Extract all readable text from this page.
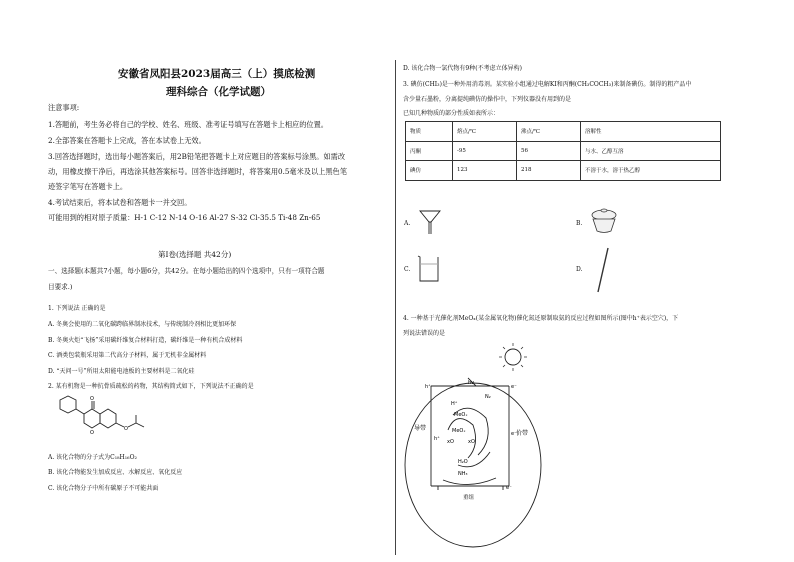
安徽省凤阳县2023届高三（上）摸底检测
理科综合（化学试题）
注意事项:
1.答题前，考生务必将自己的学校、姓名、班级、准考证号填写在答题卡上相应的位置。
2.全部答案在答题卡上完成，答在本试卷上无效。
3.回答选择题时，选出每小题答案后，用2B铅笔把答题卡上对应题目的答案标号涂黑。如需改
动，用橡皮擦干净后，再选涂其他答案标号。回答非选择题时，将答案用0.5毫米及以上黑色笔
迹签字笔写在答题卡上。
4.考试结束后，将本试卷和答题卡一并交回。
可能用到的相对原子质量：H-1 C-12 N-14 O-16 Al-27 S-32 Cl-35.5 Ti-48 Zn-65
第Ⅰ卷(选择题 共42分)
一、选择题(本题共7小题，每小题6分，共42分。在每小题给出的四个选项中，只有一项符合题
目要求.)
1. 下列说法 正确的是
A. 冬奥会使用的二氧化碳跨临界制冰技术，与传统制冷剂相比更加环保
B. 冬奥火炬“飞扬”采用碳纤维复合材料打造，碳纤维是一种有机合成材料
C. 酒类包装瓶采用第二代高分子材料，属于无机非金属材料
D. “天问一号”所用太阳能电池板的主要材料是二氧化硅
2. 某有机物是一种抗骨质疏松的药物，其结构简式如下，下列说法不正确的是
O
O
O
A. 该化合物的分子式为C₁₈H₁₆O₂
B. 该化合物能发生加成反应、水解反应、氧化反应
C. 该化合物分子中所有碳原子不可能共面
D. 该化合物一氯代物有9种(不考虑立体异构)
3. 碘仿(CHI₃)是一种外用消毒剂。某实验小组通过电解KI和丙酮(CH₃COCH₃)来制备碘仿。制得的粗产品中
含少量石墨粉，分离提纯碘仿的操作中，下列仪器没有用到的是
已知几种物质的部分性质如表所示：
物质	熔点/℃	沸点/℃	溶解性
丙酮	-95	56	与水、乙醇互溶
碘仿	123	218	不溶于水，溶于热乙醇
A.	B.
C.	D.
4. 一种基于光催化剂MeOₓ(某金属氧化物)催化氮还原制取氨的反应过程如图所示(图中h⁺表示空穴)，下
列说法错误的是
hv
N₂
H⁺
MeOₓ
MeOₓ
xO	xO
H₂O
NH₃
h⁺
h⁺
e⁻
e⁻
e⁻
导带
价带
重组
